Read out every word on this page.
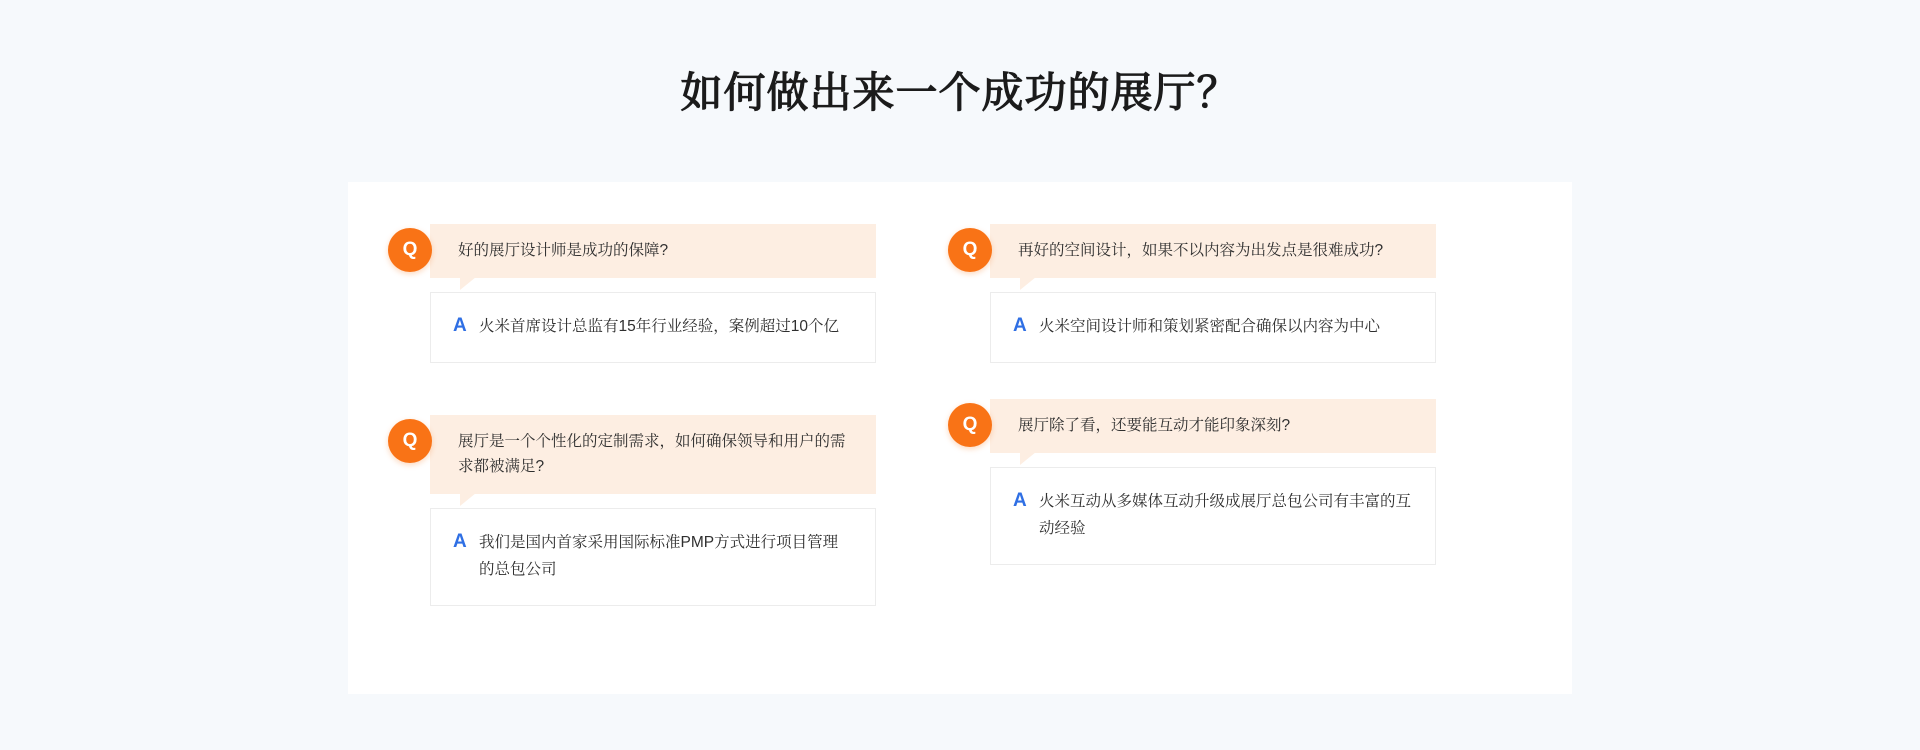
如何做出来一个成功的展厅？
Q	好的展厅设计师是成功的保障?
A 火米首席设计总监有15年行业经验，案例超过10个亿
Q	展厅是一个个性化的定制需求，如何确保领导和用户的需求都被满足?
A 我们是国内首家采用国际标准PMP方式进行项目管理的总包公司
Q	再好的空间设计，如果不以内容为出发点是很难成功?
A 火米空间设计师和策划紧密配合确保以内容为中心
Q	展厅除了看，还要能互动才能印象深刻?
A 火米互动从多媒体互动升级成展厅总包公司有丰富的互动经验
